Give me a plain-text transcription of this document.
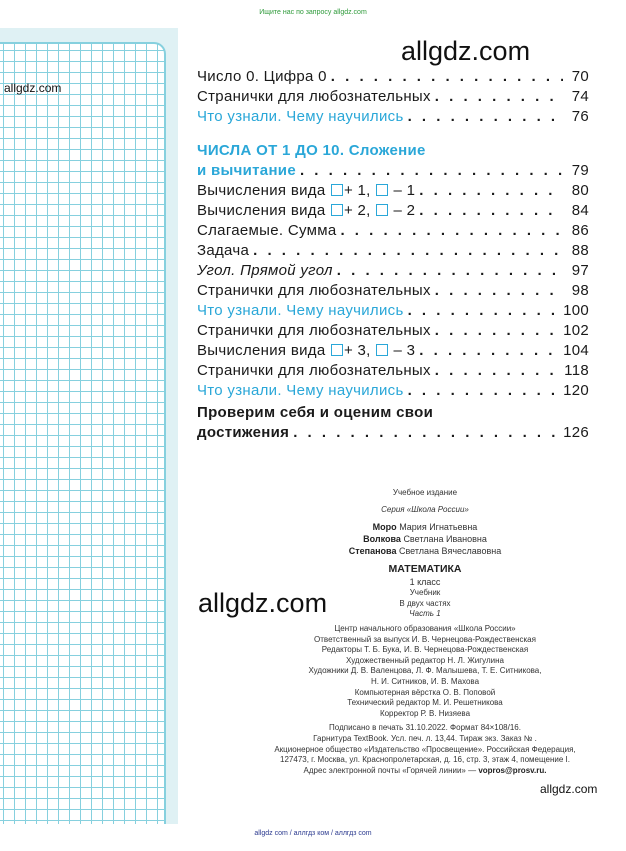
Ищите нас по запросу allgdz.com
allgdz.com
allgdz.com
Число 0. Цифра 0 . . .	70
Странички для любознательных . . .	74
Что узнали. Чему научились . . .	76
ЧИСЛА ОТ 1 ДО 10. Сложение
и вычитание . . .	79
Вычисления вида + 1, – 1 . . .	80
Вычисления вида + 2, – 2 . . .	84
Слагаемые. Сумма . . .	86
Задача . . .	88
Угол. Прямой угол . . .	97
Странички для любознательных . . .	98
Что узнали. Чему научились . . .	100
Странички для любознательных . . .	102
Вычисления вида + 3, – 3 . . .	104
Странички для любознательных . . .	118
Что узнали. Чему научились . . .	120
Проверим себя и оценим свои
достижения . . .	126
Учебное издание
Серия «Школа России»
Моро Мария Игнатьевна
Волкова Светлана Ивановна
Степанова Светлана Вячеславовна
МАТЕМАТИКА
1 класс
Учебник
В двух частях
Часть 1
Центр начального образования «Школа России»
Ответственный за выпуск И. В. Чернецова-Рождественская
Редакторы Т. Б. Бука, И. В. Чернецова-Рождественская
Художественный редактор Н. Л. Жигулина
Художники Д. В. Валенцова, Л. Ф. Малышева, Т. Е. Ситникова,
Н. И. Ситников, И. В. Махова
Компьютерная вёрстка О. В. Поповой
Технический редактор М. И. Решетникова
Корректор Р. В. Низяева
Подписано в печать 31.10.2022. Формат 84×108/16.
Гарнитура TextBook. Усл. печ. л. 13,44. Тираж экз. Заказ № .
Акционерное общество «Издательство «Просвещение». Российская Федерация,
127473, г. Москва, ул. Краснопролетарская, д. 16, стр. 3, этаж 4, помещение I.
Адрес электронной почты «Горячей линии» — vopros@prosv.ru.
allgdz.com
allgdz.com
allgdz com / аллгдз ком / аллгдз com
